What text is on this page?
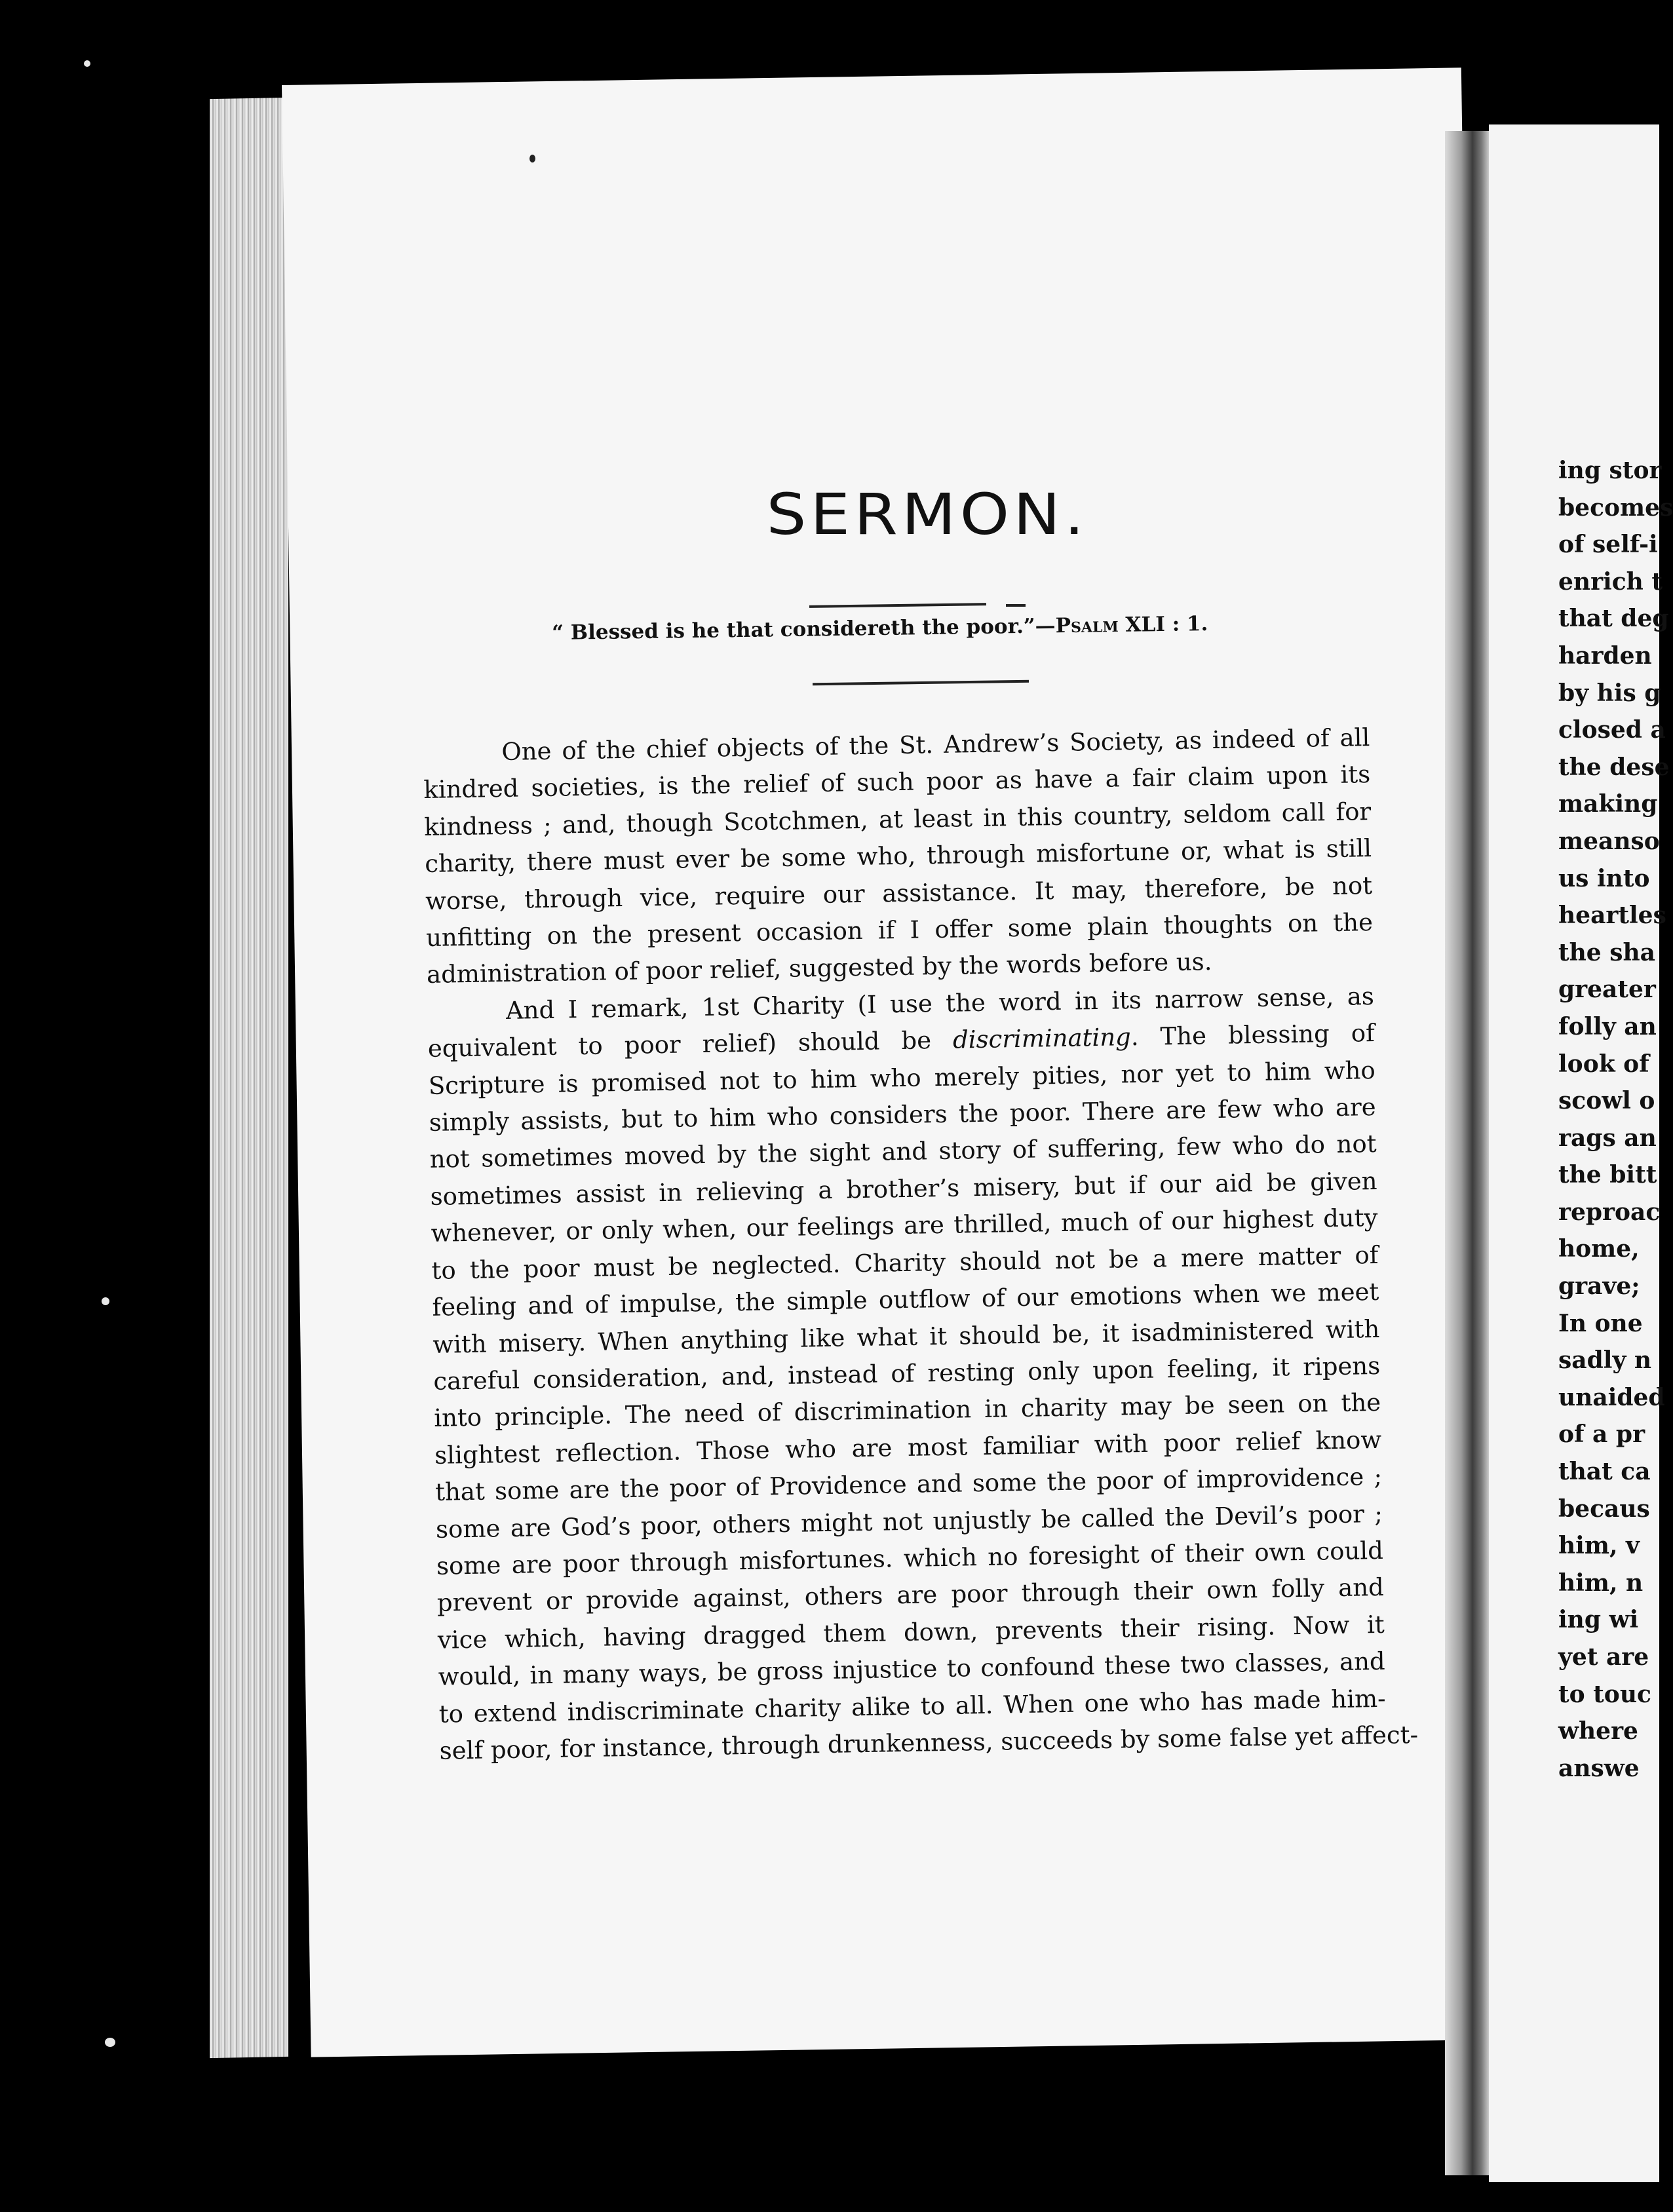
SERMON.
“ Blessed is he that considereth the poor.”—Psalm XLI : 1.
One of the chief objects of the St. Andrew’s Society, as indeed of all
kindred societies, is the relief of such poor as have a fair claim upon its
kindness ; and, though Scotchmen, at least in this country, seldom call for
charity, there must ever be some who, through misfortune or, what is still
worse, through vice, require our assistance. It may, therefore, be not
unfitting on the present occasion if I offer some plain thoughts on the
administration of poor relief, suggested by the words before us.
And I remark, 1st Charity (I use the word in its narrow sense, as
equivalent to poor relief) should be discriminating. The blessing of
Scripture is promised not to him who merely pities, nor yet to him who
simply assists, but to him who considers the poor. There are few who are
not sometimes moved by the sight and story of suffering, few who do not
sometimes assist in relieving a brother’s misery, but if our aid be given
whenever, or only when, our feelings are thrilled, much of our highest duty
to the poor must be neglected. Charity should not be a mere matter of
feeling and of impulse, the simple outflow of our emotions when we meet
with misery. When anything like what it should be, it isadministered with
careful consideration, and, instead of resting only upon feeling, it ripens
into principle. The need of discrimination in charity may be seen on the
slightest reflection. Those who are most familiar with poor relief know
that some are the poor of Providence and some the poor of improvidence ;
some are God’s poor, others might not unjustly be called the Devil’s poor ;
some are poor through misfortunes. which no foresight of their own could
prevent or provide against, others are poor through their own folly and
vice which, having dragged them down, prevents their rising. Now it
would, in many ways, be gross injustice to confound these two classes, and
to extend indiscriminate charity alike to all. When one who has made him-
self poor, for instance, through drunkenness, succeeds by some false yet affect-
ing stor
becomes
of self-i
enrich t
that deg
harden
by his g
closed a
the dese
making
meanso
us into
heartles
the sha
greater
folly an
look of
scowl o
rags an
the bitt
reproac
home,
grave;
In one
sadly n
unaided
of a pr
that ca
becaus
him, v
him, n
ing wi
yet are
to touc
where
answe
